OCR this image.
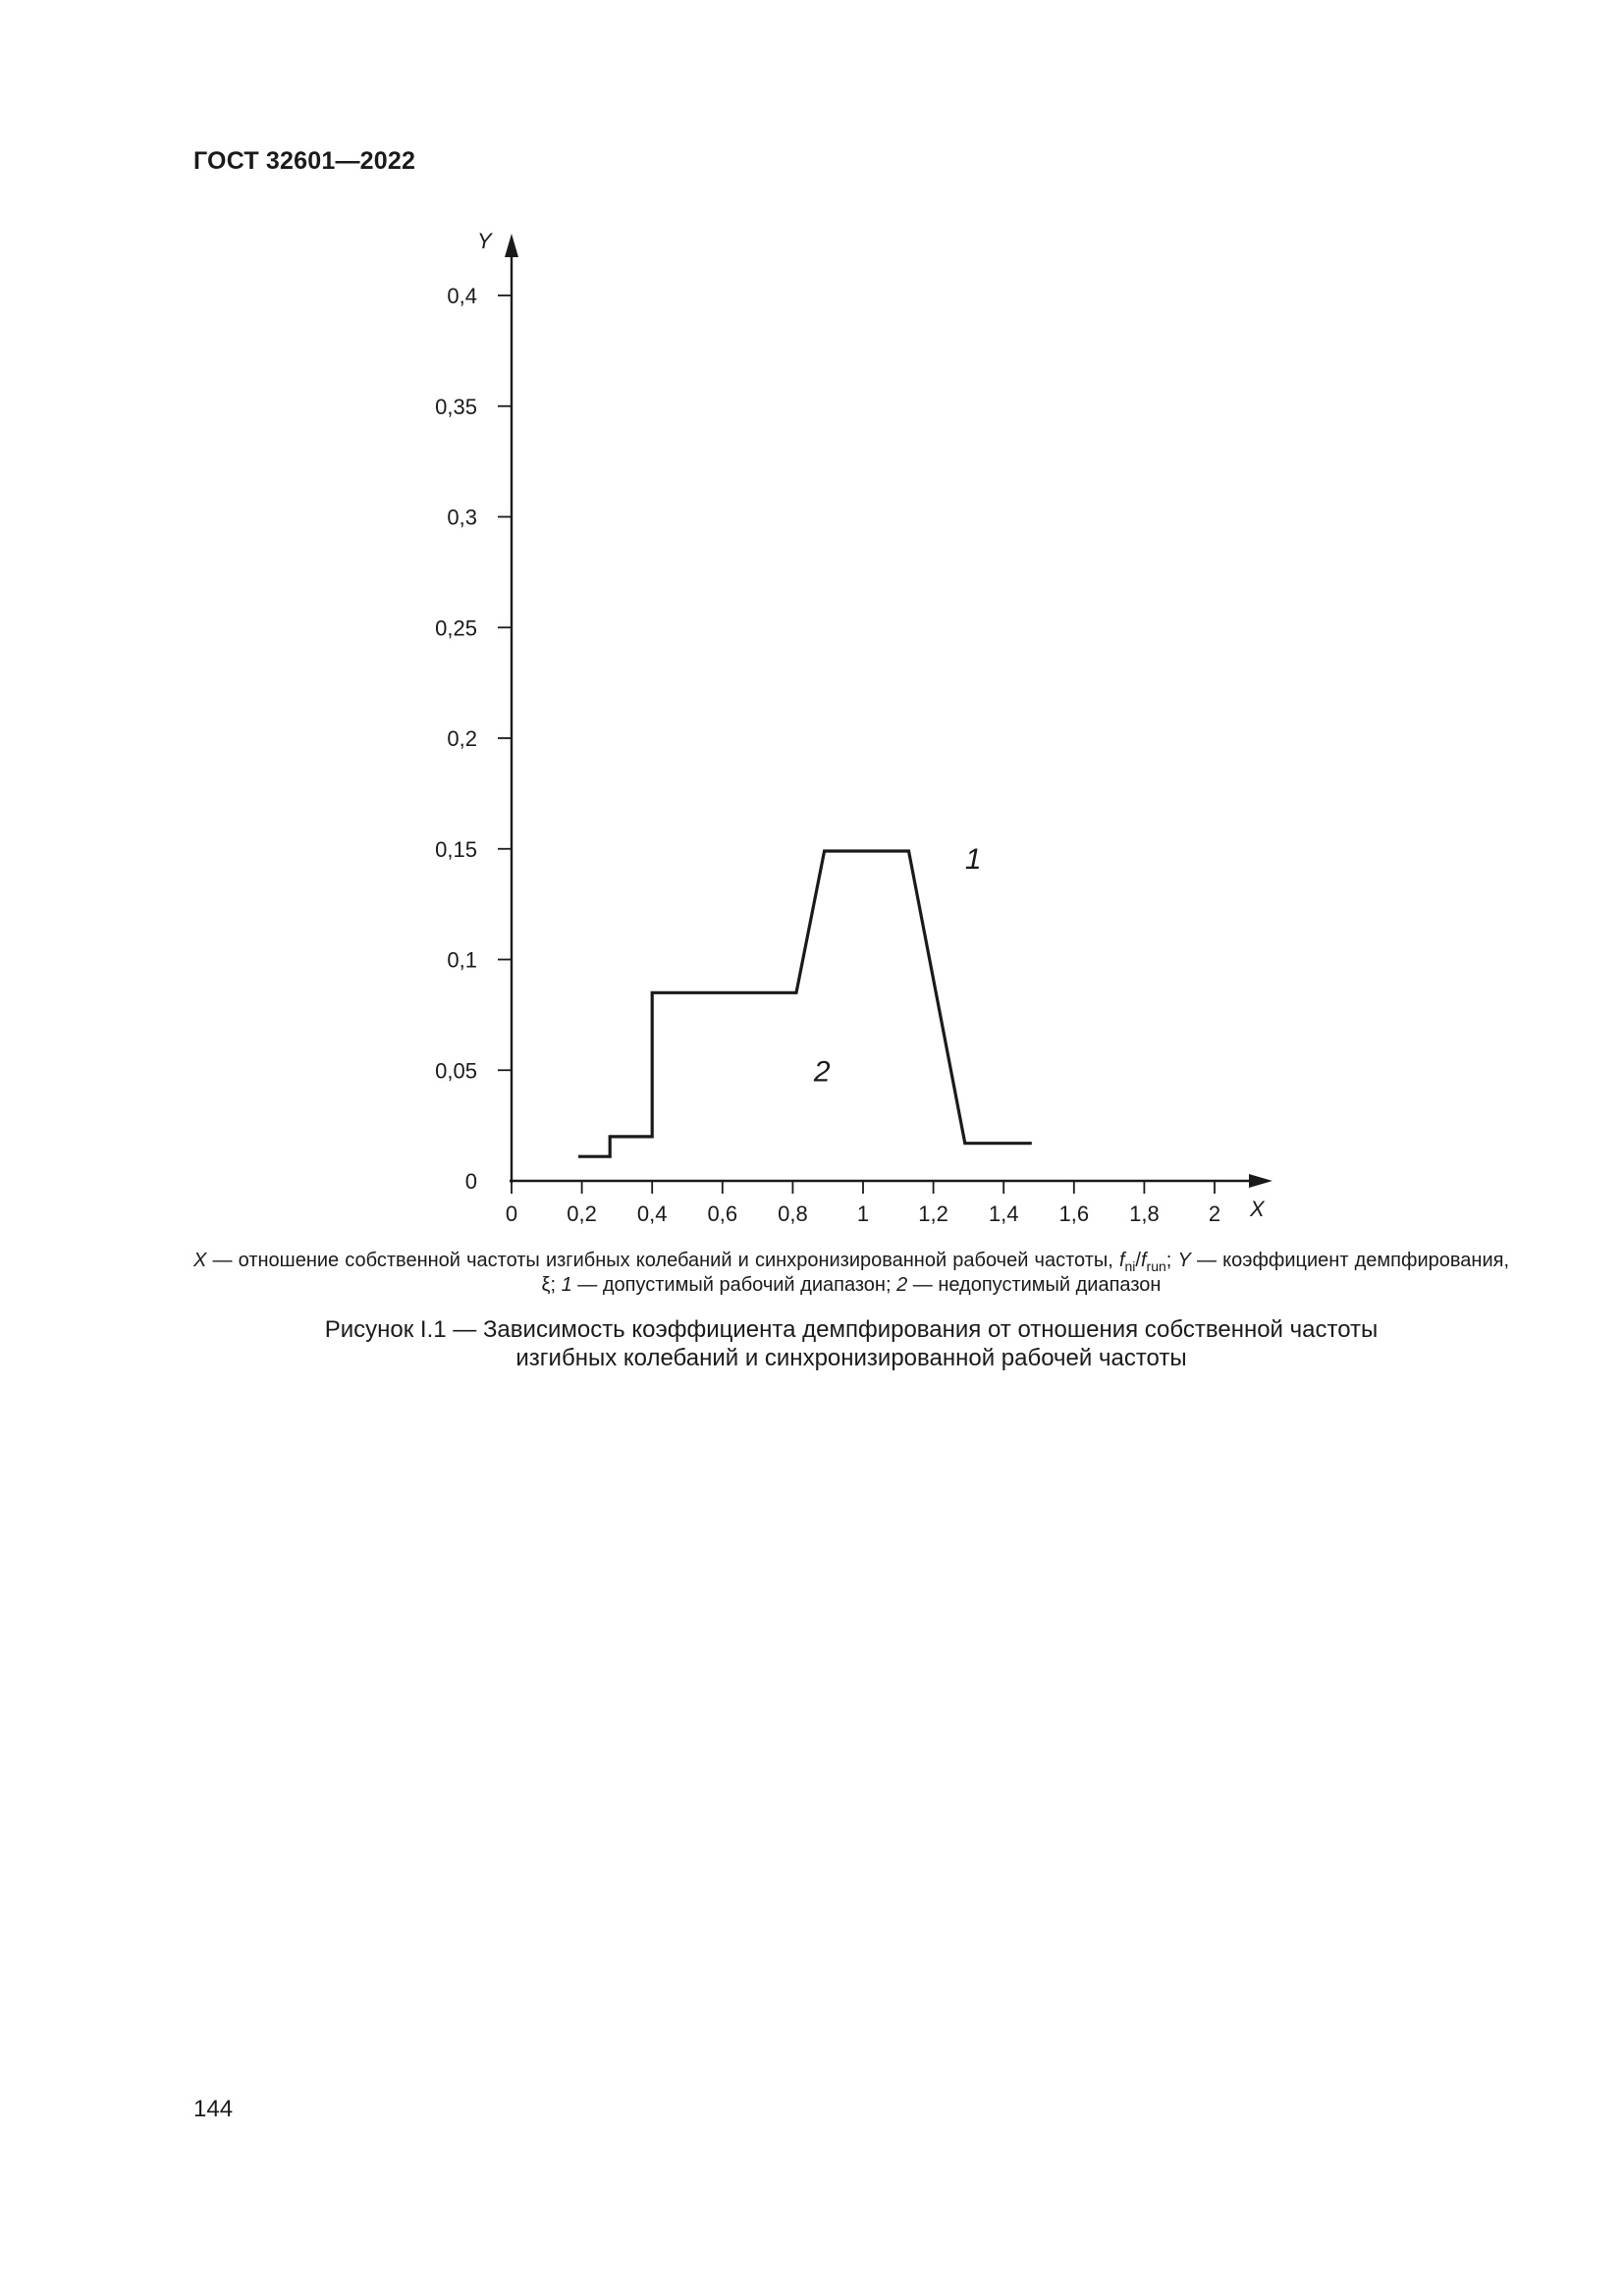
ГОСТ 32601—2022
0 0,2 0,4 0,6 0,8 1 1,2 1,4 1,6 1,8 2
0
0,05
0,1
0,15
0,2
0,25
0,3
0,35
0,4
Y
X
1
2
X — отношение собственной частоты изгибных колебаний и синхронизированной рабочей частоты, $f_{ni}/f_{run}$; Y — коэффициент демпфирования, ξ; 1 — допустимый рабочий диапазон; 2 — недопустимый диапазон
Рисунок I.1 — Зависимость коэффициента демпфирования от отношения собственной частоты
изгибных колебаний и синхронизированной рабочей частоты
144
